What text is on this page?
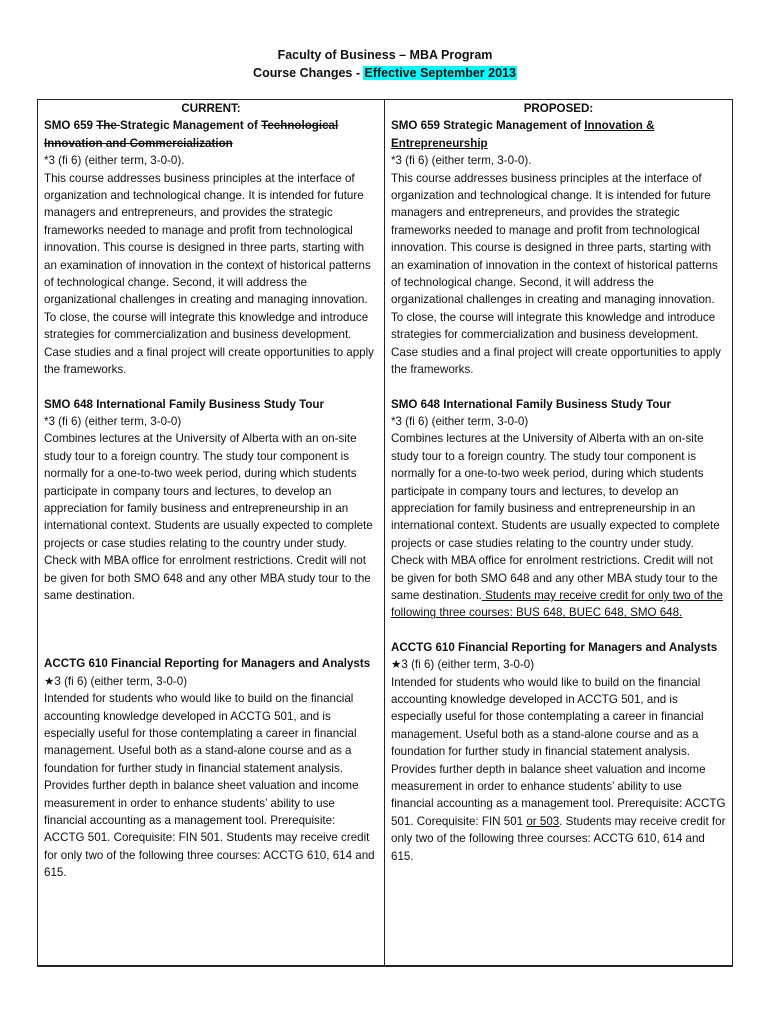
Faculty of Business – MBA Program
Course Changes - Effective September 2013
CURRENT:
SMO 659 The Strategic Management of Technological Innovation and Commercialization

*3 (fi 6) (either term, 3-0-0).

This course addresses business principles at the interface of organization and technological change. It is intended for future managers and entrepreneurs, and provides the strategic frameworks needed to manage and profit from technological innovation. This course is designed in three parts, starting with an examination of innovation in the context of historical patterns of technological change. Second, it will address the organizational challenges in creating and managing innovation. To close, the course will integrate this knowledge and introduce strategies for commercialization and business development. Case studies and a final project will create opportunities to apply the frameworks.

SMO 648 International Family Business Study Tour

*3 (fi 6) (either term, 3-0-0)

Combines lectures at the University of Alberta with an on-site study tour to a foreign country. The study tour component is normally for a one-to-two week period, during which students participate in company tours and lectures, to develop an appreciation for family business and entrepreneurship in an international context. Students are usually expected to complete projects or case studies relating to the country under study. Check with MBA office for enrolment restrictions. Credit will not be given for both SMO 648 and any other MBA study tour to the same destination.

ACCTG 610 Financial Reporting for Managers and Analysts

★3 (fi 6) (either term, 3-0-0)

Intended for students who would like to build on the financial accounting knowledge developed in ACCTG 501, and is especially useful for those contemplating a career in financial management. Useful both as a stand-alone course and as a foundation for further study in financial statement analysis. Provides further depth in balance sheet valuation and income measurement in order to enhance students’ ability to use financial accounting as a management tool. Prerequisite: ACCTG 501. Corequisite: FIN 501. Students may receive credit for only two of the following three courses: ACCTG 610, 614 and 615.

PROPOSED:
SMO 659 Strategic Management of Innovation & Entrepreneurship

*3 (fi 6) (either term, 3-0-0).

This course addresses business principles at the interface of organization and technological change. It is intended for future managers and entrepreneurs, and provides the strategic frameworks needed to manage and profit from technological innovation. This course is designed in three parts, starting with an examination of innovation in the context of historical patterns of technological change. Second, it will address the organizational challenges in creating and managing innovation. To close, the course will integrate this knowledge and introduce strategies for commercialization and business development. Case studies and a final project will create opportunities to apply the frameworks.

SMO 648 International Family Business Study Tour

*3 (fi 6) (either term, 3-0-0)

Combines lectures at the University of Alberta with an on-site study tour to a foreign country. The study tour component is normally for a one-to-two week period, during which students participate in company tours and lectures, to develop an appreciation for family business and entrepreneurship in an international context. Students are usually expected to complete projects or case studies relating to the country under study. Check with MBA office for enrolment restrictions. Credit will not be given for both SMO 648 and any other MBA study tour to the same destination. Students may receive credit for only two of the following three courses: BUS 648, BUEC 648, SMO 648.

ACCTG 610 Financial Reporting for Managers and Analysts

★3 (fi 6) (either term, 3-0-0)

Intended for students who would like to build on the financial accounting knowledge developed in ACCTG 501, and is especially useful for those contemplating a career in financial management. Useful both as a stand-alone course and as a foundation for further study in financial statement analysis. Provides further depth in balance sheet valuation and income measurement in order to enhance students’ ability to use financial accounting as a management tool. Prerequisite: ACCTG 501. Corequisite: FIN 501 or 503. Students may receive credit for only two of the following three courses: ACCTG 610, 614 and 615.
